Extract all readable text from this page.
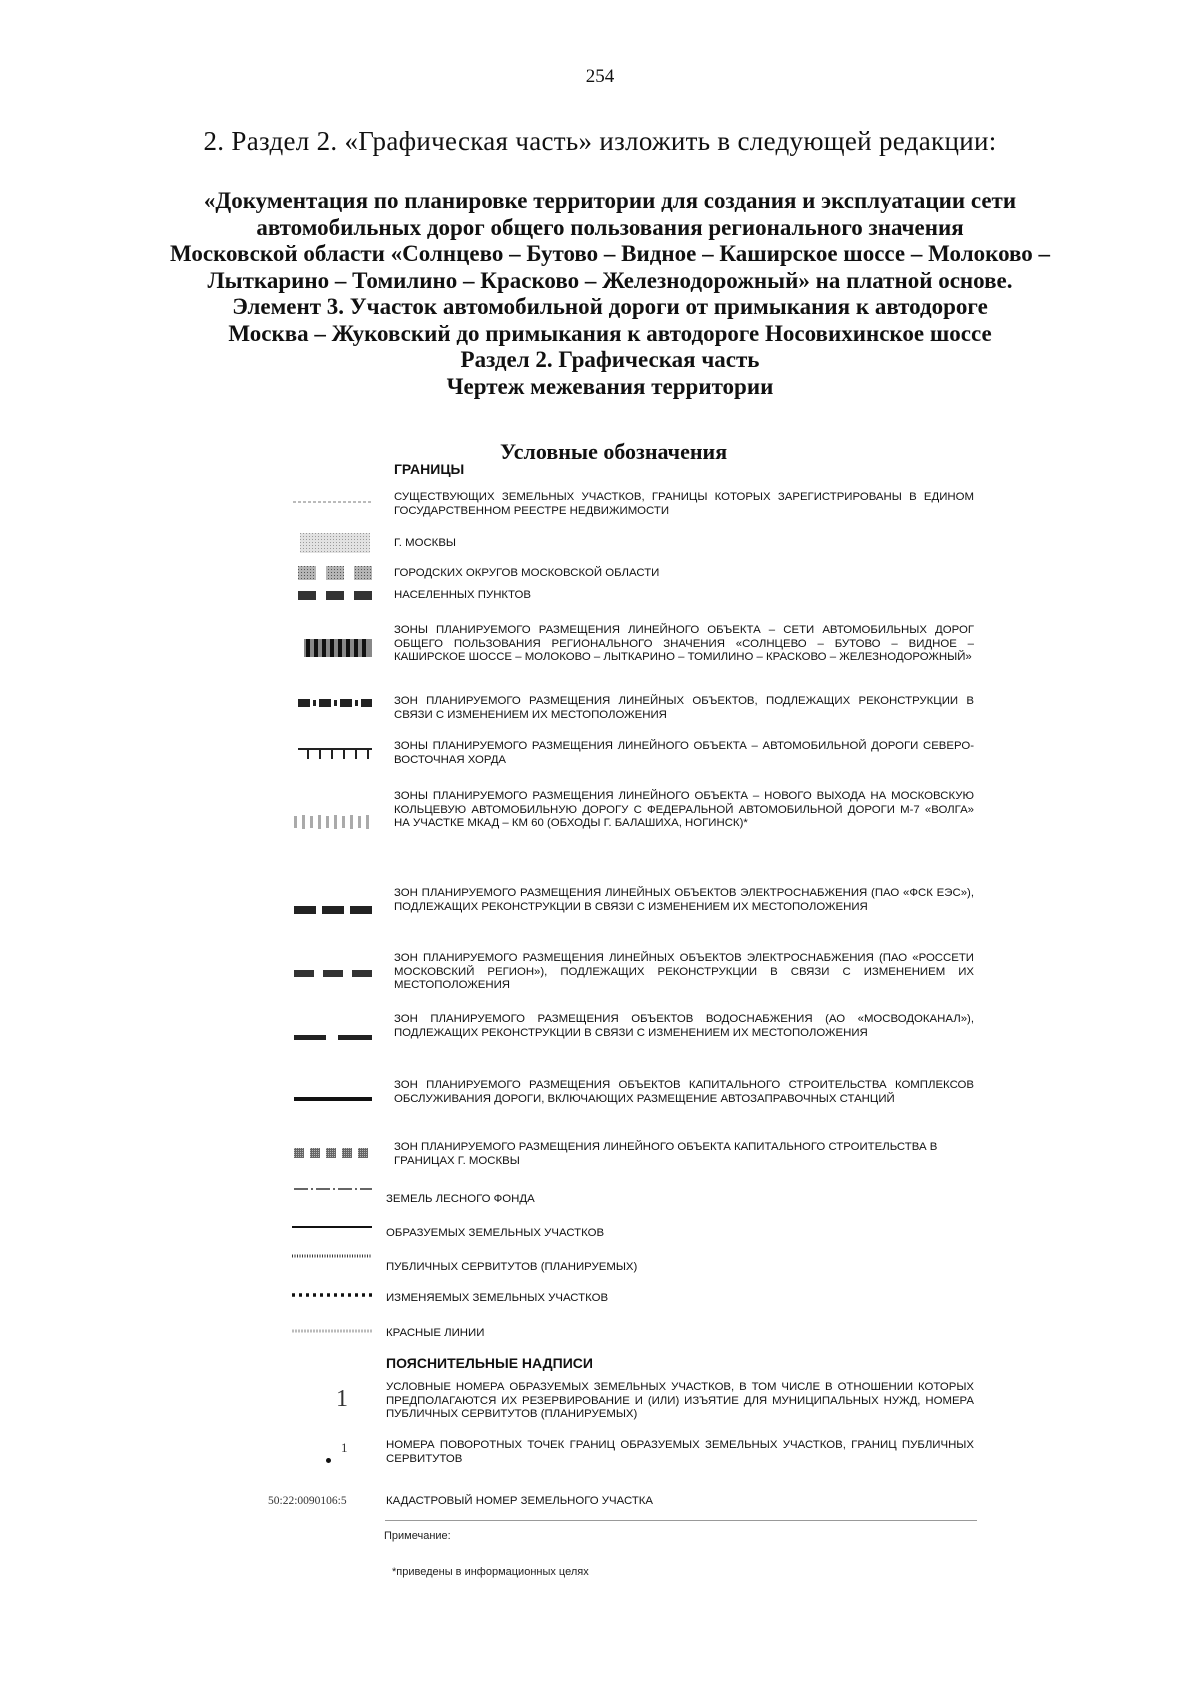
254
2. Раздел 2. «Графическая часть» изложить в следующей редакции:
«Документация по планировке территории для создания и эксплуатации сети
автомобильных дорог общего пользования регионального значения
Московской области «Солнцево – Бутово – Видное – Каширское шоссе – Молоково –
Лыткарино – Томилино – Красково – Железнодорожный» на платной основе.
Элемент 3. Участок автомобильной дороги от примыкания к автодороге
Москва – Жуковский до примыкания к автодороге Носовихинское шоссе
Раздел 2. Графическая часть
Чертеж межевания территории
Условные обозначения
ГРАНИЦЫ
СУЩЕСТВУЮЩИХ ЗЕМЕЛЬНЫХ УЧАСТКОВ, ГРАНИЦЫ КОТОРЫХ ЗАРЕГИСТРИРОВАНЫ В ЕДИНОМ ГОСУДАРСТВЕННОМ РЕЕСТРЕ НЕДВИЖИМОСТИ
Г. МОСКВЫ
ГОРОДСКИХ ОКРУГОВ МОСКОВСКОЙ ОБЛАСТИ
НАСЕЛЕННЫХ ПУНКТОВ
ЗОНЫ ПЛАНИРУЕМОГО РАЗМЕЩЕНИЯ ЛИНЕЙНОГО ОБЪЕКТА – СЕТИ АВТОМОБИЛЬНЫХ ДОРОГ ОБЩЕГО ПОЛЬЗОВАНИЯ РЕГИОНАЛЬНОГО ЗНАЧЕНИЯ «СОЛНЦЕВО – БУТОВО – ВИДНОЕ – КАШИРСКОЕ ШОССЕ – МОЛОКОВО – ЛЫТКАРИНО – ТОМИЛИНО – КРАСКОВО – ЖЕЛЕЗНОДОРОЖНЫЙ»
ЗОН ПЛАНИРУЕМОГО РАЗМЕЩЕНИЯ ЛИНЕЙНЫХ ОБЪЕКТОВ, ПОДЛЕЖАЩИХ РЕКОНСТРУКЦИИ В СВЯЗИ С ИЗМЕНЕНИЕМ ИХ МЕСТОПОЛОЖЕНИЯ
ЗОНЫ ПЛАНИРУЕМОГО РАЗМЕЩЕНИЯ ЛИНЕЙНОГО ОБЪЕКТА – АВТОМОБИЛЬНОЙ ДОРОГИ СЕВЕРО-ВОСТОЧНАЯ ХОРДА
ЗОНЫ ПЛАНИРУЕМОГО РАЗМЕЩЕНИЯ ЛИНЕЙНОГО ОБЪЕКТА – НОВОГО ВЫХОДА НА МОСКОВСКУЮ КОЛЬЦЕВУЮ АВТОМОБИЛЬНУЮ ДОРОГУ С ФЕДЕРАЛЬНОЙ АВТОМОБИЛЬНОЙ ДОРОГИ М-7 «ВОЛГА» НА УЧАСТКЕ МКАД – КМ 60 (ОБХОДЫ Г. БАЛАШИХА, НОГИНСК)*
ЗОН ПЛАНИРУЕМОГО РАЗМЕЩЕНИЯ ЛИНЕЙНЫХ ОБЪЕКТОВ ЭЛЕКТРОСНАБЖЕНИЯ (ПАО «ФСК ЕЭС»), ПОДЛЕЖАЩИХ РЕКОНСТРУКЦИИ В СВЯЗИ С ИЗМЕНЕНИЕМ ИХ МЕСТОПОЛОЖЕНИЯ
ЗОН ПЛАНИРУЕМОГО РАЗМЕЩЕНИЯ ЛИНЕЙНЫХ ОБЪЕКТОВ ЭЛЕКТРОСНАБЖЕНИЯ (ПАО «РОССЕТИ МОСКОВСКИЙ РЕГИОН»), ПОДЛЕЖАЩИХ РЕКОНСТРУКЦИИ В СВЯЗИ С ИЗМЕНЕНИЕМ ИХ МЕСТОПОЛОЖЕНИЯ
ЗОН ПЛАНИРУЕМОГО РАЗМЕЩЕНИЯ ОБЪЕКТОВ ВОДОСНАБЖЕНИЯ (АО «МОСВОДОКАНАЛ»), ПОДЛЕЖАЩИХ РЕКОНСТРУКЦИИ В СВЯЗИ С ИЗМЕНЕНИЕМ ИХ МЕСТОПОЛОЖЕНИЯ
ЗОН ПЛАНИРУЕМОГО РАЗМЕЩЕНИЯ ОБЪЕКТОВ КАПИТАЛЬНОГО СТРОИТЕЛЬСТВА КОМПЛЕКСОВ ОБСЛУЖИВАНИЯ ДОРОГИ, ВКЛЮЧАЮЩИХ РАЗМЕЩЕНИЕ АВТОЗАПРАВОЧНЫХ СТАНЦИЙ
ЗОН ПЛАНИРУЕМОГО РАЗМЕЩЕНИЯ ЛИНЕЙНОГО ОБЪЕКТА КАПИТАЛЬНОГО СТРОИТЕЛЬСТВА В ГРАНИЦАХ Г. МОСКВЫ
ЗЕМЕЛЬ ЛЕСНОГО ФОНДА
ОБРАЗУЕМЫХ ЗЕМЕЛЬНЫХ УЧАСТКОВ
ПУБЛИЧНЫХ СЕРВИТУТОВ (ПЛАНИРУЕМЫХ)
ИЗМЕНЯЕМЫХ ЗЕМЕЛЬНЫХ УЧАСТКОВ
КРАСНЫЕ ЛИНИИ
ПОЯСНИТЕЛЬНЫЕ НАДПИСИ
1	УСЛОВНЫЕ НОМЕРА ОБРАЗУЕМЫХ ЗЕМЕЛЬНЫХ УЧАСТКОВ, В ТОМ ЧИСЛЕ В ОТНОШЕНИИ КОТОРЫХ ПРЕДПОЛАГАЮТСЯ ИХ РЕЗЕРВИРОВАНИЕ И (ИЛИ) ИЗЪЯТИЕ ДЛЯ МУНИЦИПАЛЬНЫХ НУЖД, НОМЕРА ПУБЛИЧНЫХ СЕРВИТУТОВ (ПЛАНИРУЕМЫХ)
1	НОМЕРА ПОВОРОТНЫХ ТОЧЕК ГРАНИЦ ОБРАЗУЕМЫХ ЗЕМЕЛЬНЫХ УЧАСТКОВ, ГРАНИЦ ПУБЛИЧНЫХ СЕРВИТУТОВ
50:22:0090106:5	КАДАСТРОВЫЙ НОМЕР ЗЕМЕЛЬНОГО УЧАСТКА
Примечание:
*приведены в информационных целях
